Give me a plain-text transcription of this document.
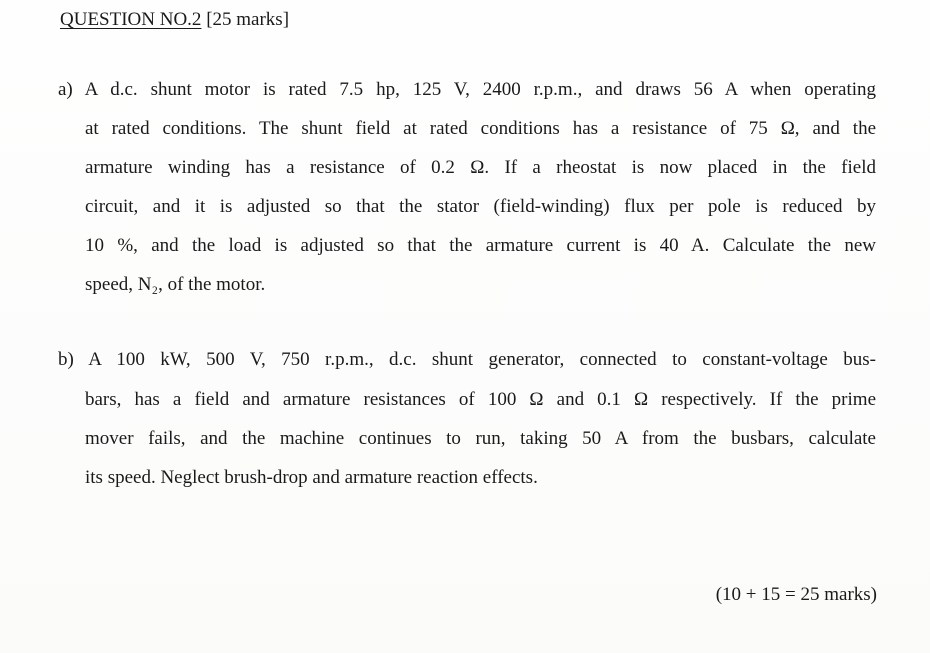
QUESTION NO.2 [25 marks]
a) A d.c. shunt motor is rated 7.5 hp, 125 V, 2400 r.p.m., and draws 56 A when operating
at rated conditions. The shunt field at rated conditions has a resistance of 75 Ω, and the
armature winding has a resistance of 0.2 Ω. If a rheostat is now placed in the field
circuit, and it is adjusted so that the stator (field-winding) flux per pole is reduced by
10 %, and the load is adjusted so that the armature current is 40 A. Calculate the new
speed, N₂, of the motor.
b) A 100 kW, 500 V, 750 r.p.m., d.c. shunt generator, connected to constant-voltage bus-
bars, has a field and armature resistances of 100 Ω and 0.1 Ω respectively. If the prime
mover fails, and the machine continues to run, taking 50 A from the busbars, calculate
its speed. Neglect brush-drop and armature reaction effects.
(10 + 15 = 25 marks)
